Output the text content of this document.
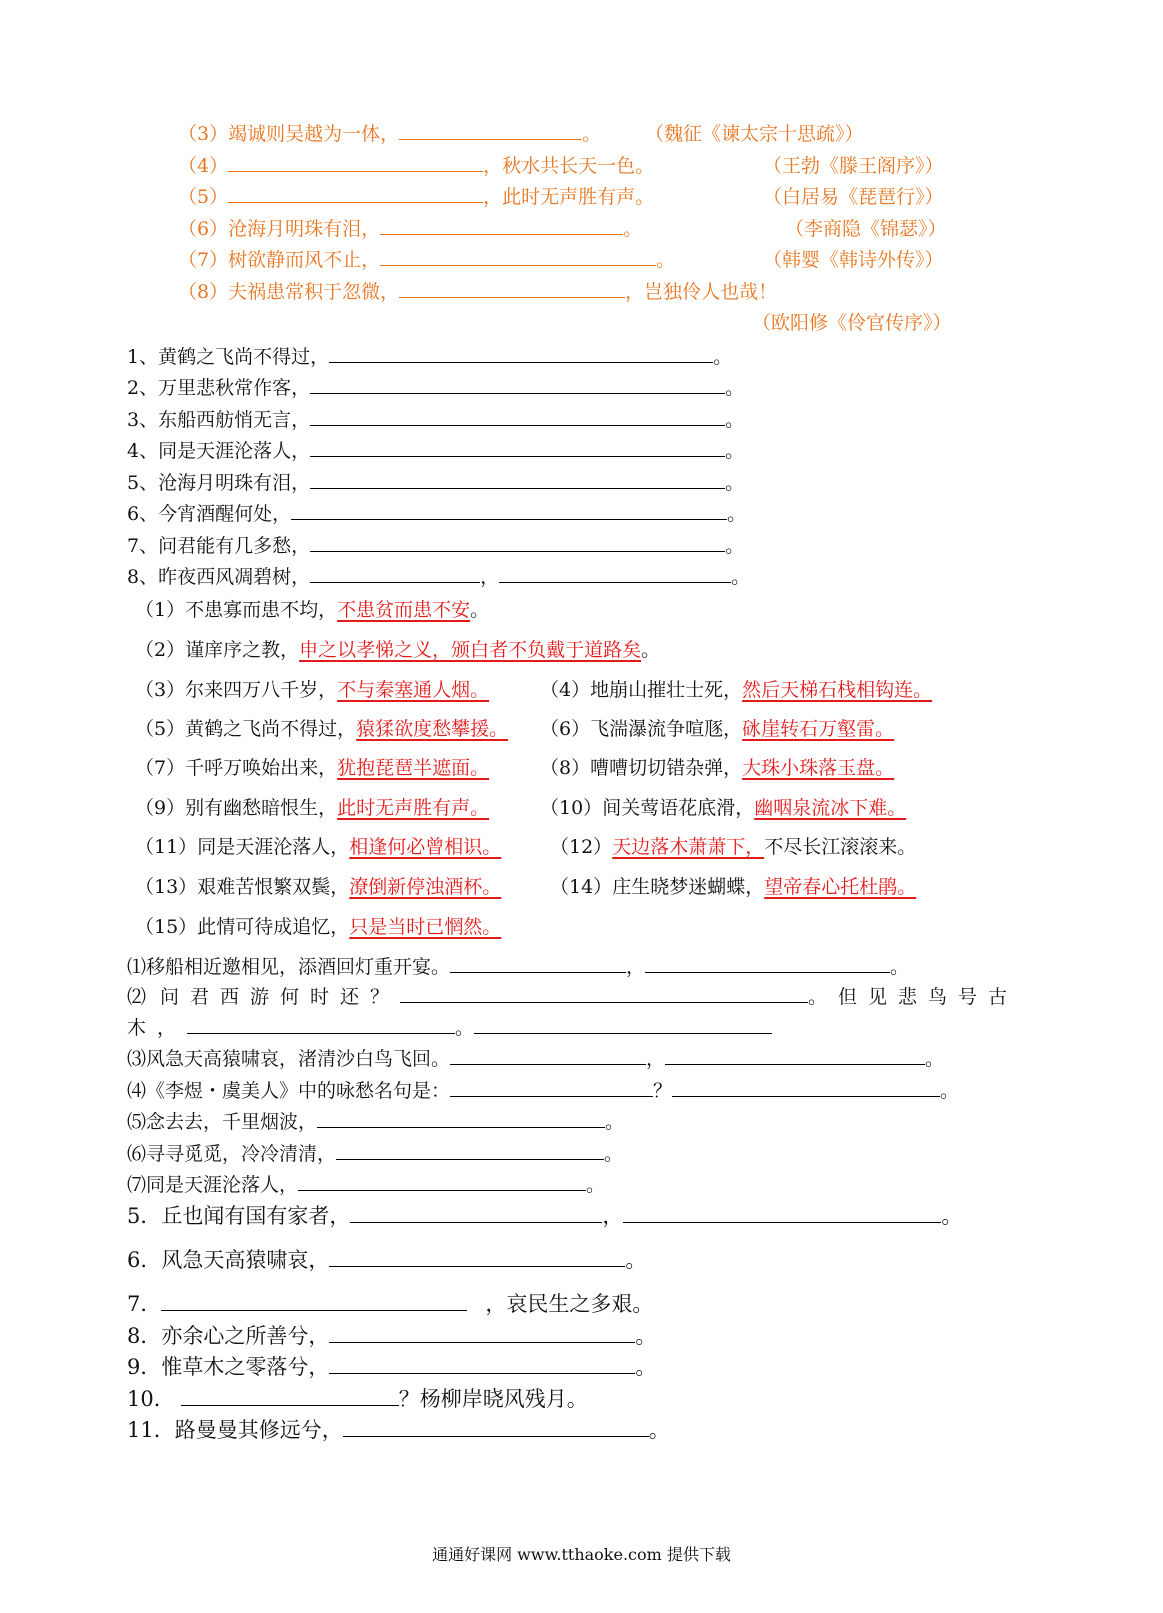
（3）竭诚则吴越为一体，	。 （魏征《谏太宗十思疏》）
（4）	，秋水共长天一色。	（王勃《滕王阁序》）
（5）	，此时无声胜有声。	（白居易《琵琶行》）
（6）沧海月明珠有泪，	。	（李商隐《锦瑟》）
（7）树欲静而风不止，	。	（韩婴《韩诗外传》）
（8）夫祸患常积于忽微，	，岂独伶人也哉！
（欧阳修《伶官传序》）
1、黄鹤之飞尚不得过，	。
2、万里悲秋常作客，	。
3、东船西舫悄无言，	。
4、同是天涯沦落人，	。
5、沧海月明珠有泪，	。
6、今宵酒醒何处，	。
7、问君能有几多愁，	。
8、昨夜西风凋碧树，	，	。
（1）不患寡而患不均，不患贫而患不安。
（2）谨庠序之教，申之以孝悌之义，颁白者不负戴于道路矣。
（3）尔来四万八千岁，不与秦塞通人烟。	（4）地崩山摧壮士死，然后天梯石栈相钩连。
（5）黄鹤之飞尚不得过，猿猱欲度愁攀援。 （6）飞湍瀑流争喧豗，砯崖转石万壑雷。
（7）千呼万唤始出来，犹抱琵琶半遮面。	（8）嘈嘈切切错杂弹，大珠小珠落玉盘。
（9）别有幽愁暗恨生，此时无声胜有声。	（10）间关莺语花底滑，幽咽泉流冰下难。
（11）同是天涯沦落人，相逢何必曾相识。	（12）天边落木萧萧下，不尽长江滚滚来。
（13）艰难苦恨繁双鬓，潦倒新停浊酒杯。	（14）庄生晓梦迷蝴蝶，望帝春心托杜鹃。
（15）此情可待成追忆，只是当时已惘然。
⑴移船相近邀相见，添酒回灯重开宴。	，	。
⑵ 问君西游何时还？	。但见悲鸟号古
木，	。
⑶风急天高猿啸哀，渚清沙白鸟飞回。	，	。
⑷《李煜・虞美人》中的咏愁名句是：	？	。
⑸念去去，千里烟波，	。
⑹寻寻觅觅，冷冷清清，	。
⑺同是天涯沦落人，	。
5．丘也闻有国有家者，	，	。
6．风急天高猿啸哀，	。
7．	，哀民生之多艰。
8．亦余心之所善兮，	。
9．惟草木之零落兮，	。
10．	？杨柳岸晓风残月。
11．路曼曼其修远兮，	。
通通好课网 www.tthaoke.com 提供下载
